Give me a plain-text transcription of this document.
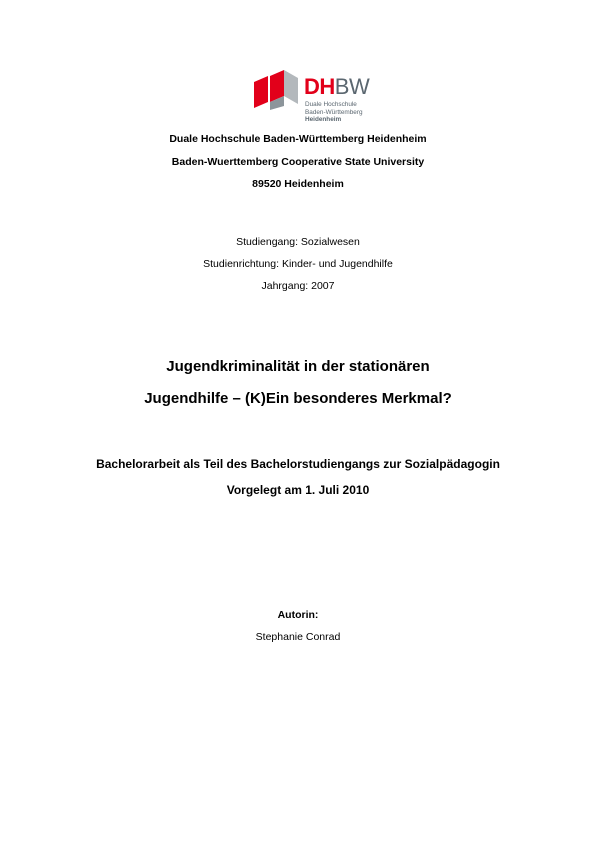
DHBW
Duale Hochschule
Baden-Württemberg
Heidenheim
Duale Hochschule Baden-Württemberg Heidenheim
Baden-Wuerttemberg Cooperative State University
89520 Heidenheim
Studiengang: Sozialwesen
Studienrichtung: Kinder- und Jugendhilfe
Jahrgang: 2007
Jugendkriminalität in der stationären
Jugendhilfe – (K)Ein besonderes Merkmal?
Bachelorarbeit als Teil des Bachelorstudiengangs zur Sozialpädagogin
Vorgelegt am 1. Juli 2010
Autorin:
Stephanie Conrad
